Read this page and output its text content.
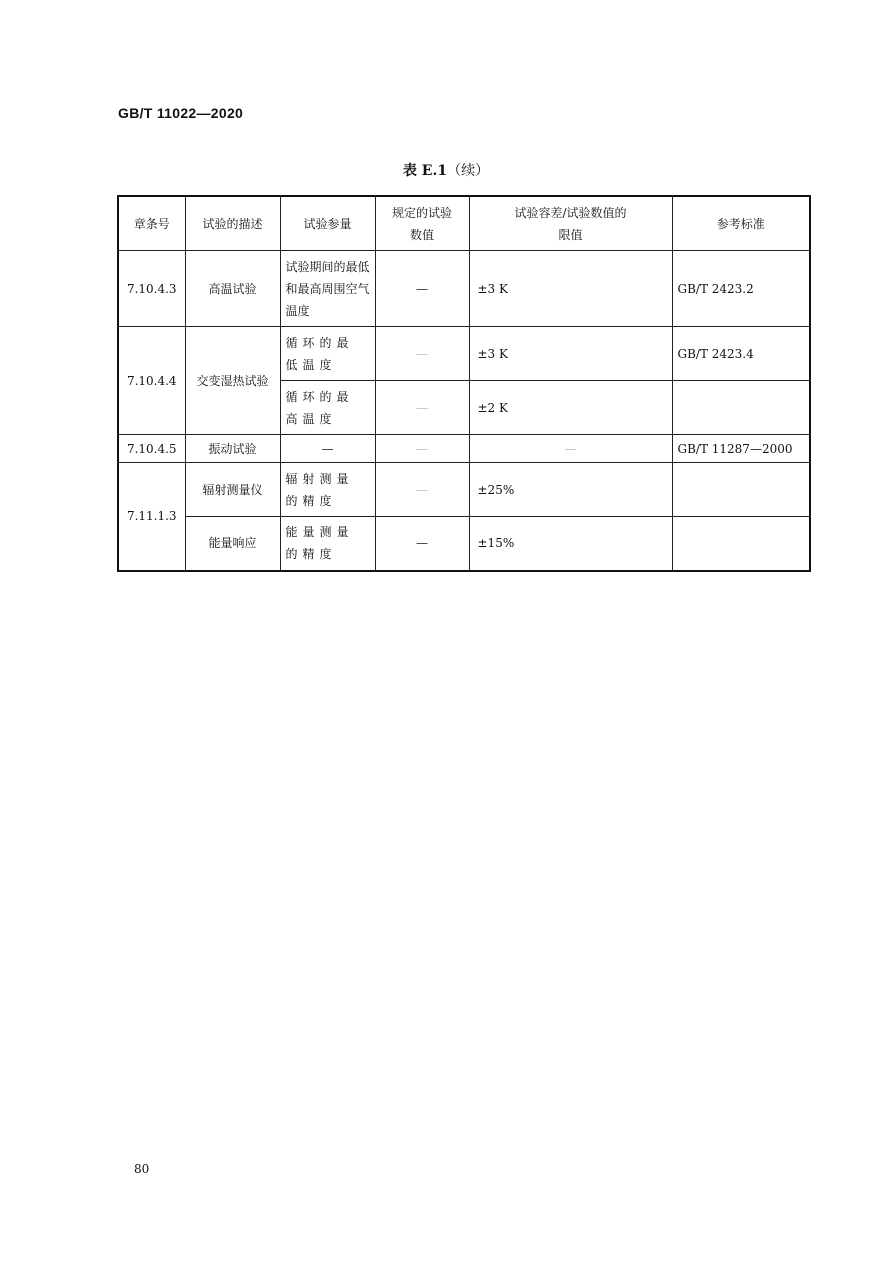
GB/T 11022—2020
表 E.1（续）
章条号	试验的描述	试验参量	规定的试验数值	试验容差/试验数值的限值	参考标准
7.10.4.3	高温试验	试验期间的最低和最高周围空气温度	—	±3 K	GB/T 2423.2
7.10.4.4	交变湿热试验	循环的最低温度	—	±3 K	GB/T 2423.4
		循环的最高温度	—	±2 K	
7.10.4.5	振动试验	—	—	—	GB/T 11287—2000
7.11.1.3	辐射测量仪	辐射测量的精度	—	±25%	
	能量响应	能量测量的精度	—	±15%	
80
